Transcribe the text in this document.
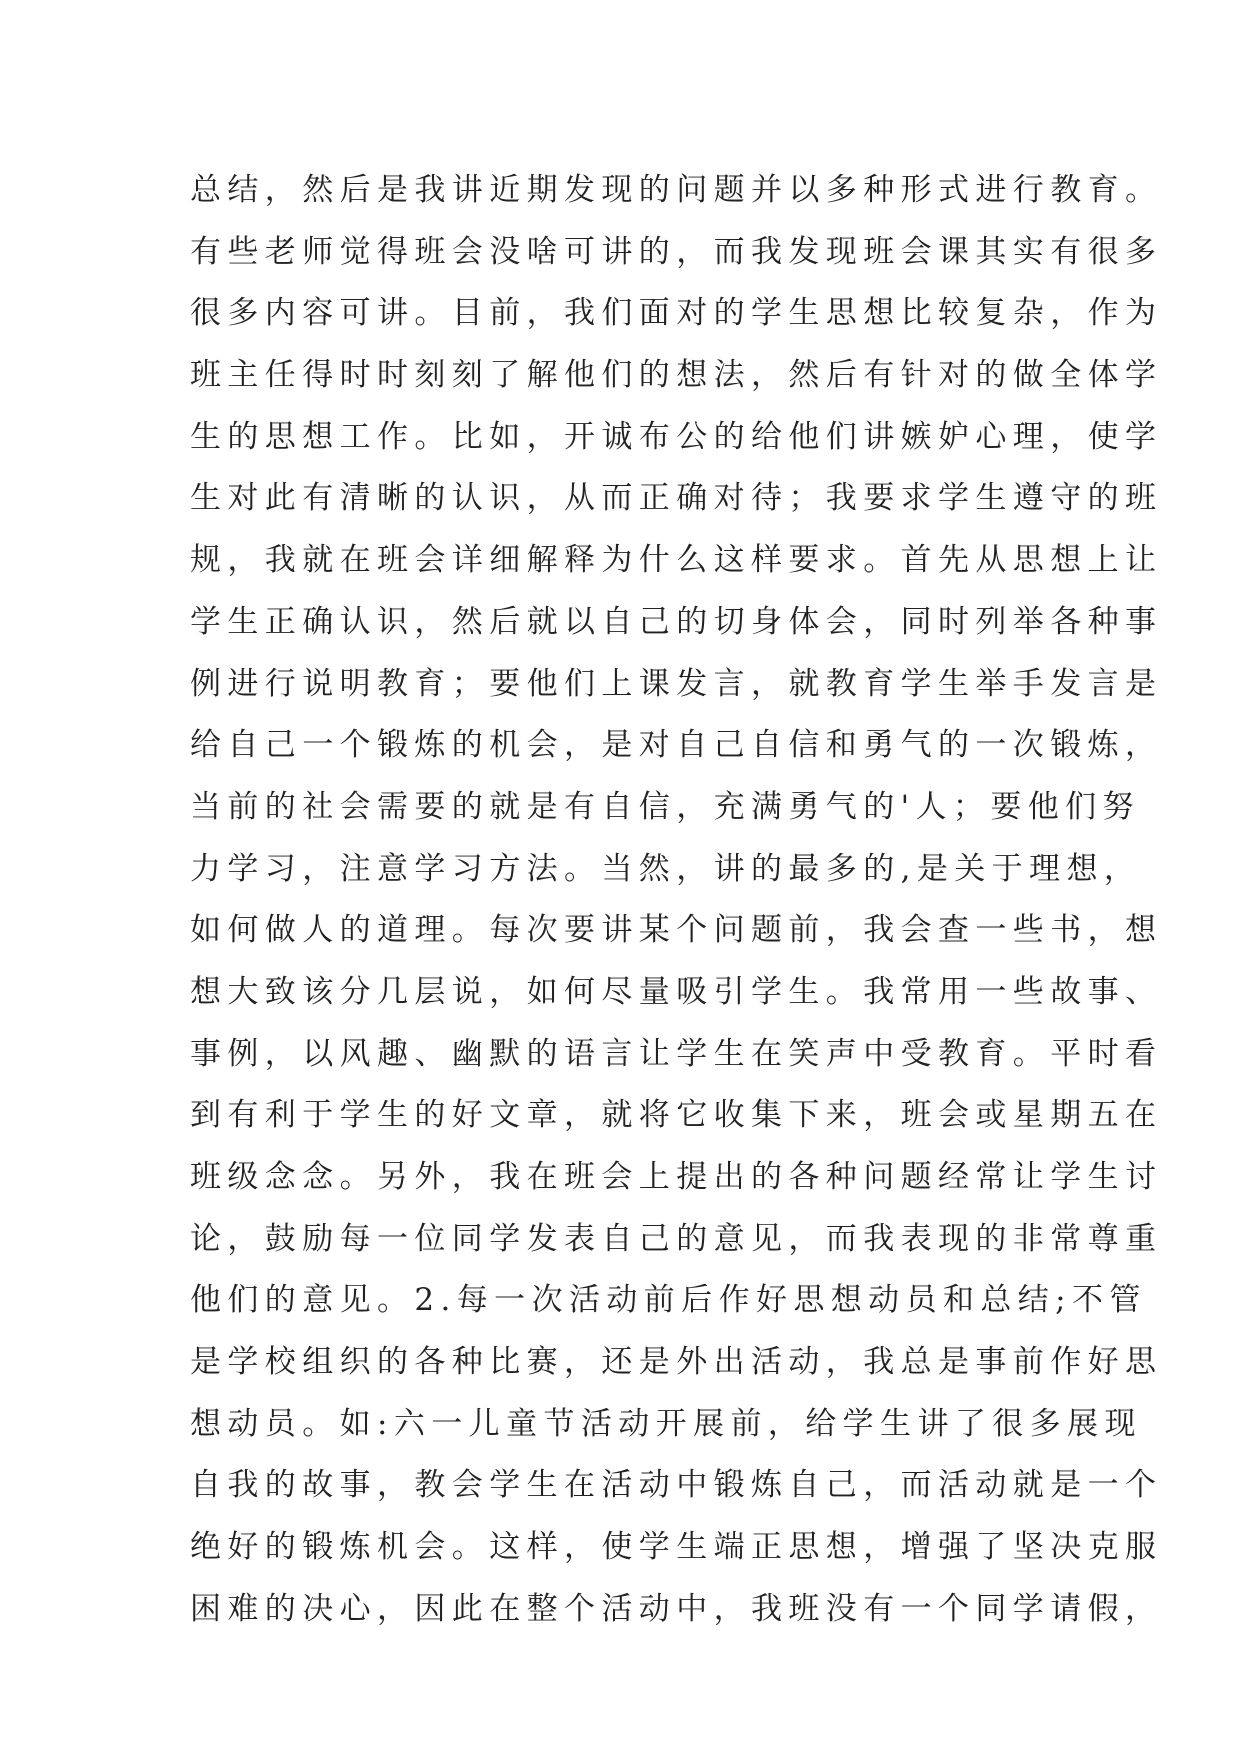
总结，然后是我讲近期发现的问题并以多种形式进行教育。
有些老师觉得班会没啥可讲的，而我发现班会课其实有很多
很多内容可讲。目前，我们面对的学生思想比较复杂，作为
班主任得时时刻刻了解他们的想法，然后有针对的做全体学
生的思想工作。比如，开诚布公的给他们讲嫉妒心理，使学
生对此有清晰的认识，从而正确对待；我要求学生遵守的班
规，我就在班会详细解释为什么这样要求。首先从思想上让
学生正确认识，然后就以自己的切身体会，同时列举各种事
例进行说明教育；要他们上课发言，就教育学生举手发言是
给自己一个锻炼的机会，是对自己自信和勇气的一次锻炼，
当前的社会需要的就是有自信，充满勇气的'人；要他们努
力学习，注意学习方法。当然，讲的最多的,是关于理想，
如何做人的道理。每次要讲某个问题前，我会查一些书，想
想大致该分几层说，如何尽量吸引学生。我常用一些故事、
事例，以风趣、幽默的语言让学生在笑声中受教育。平时看
到有利于学生的好文章，就将它收集下来，班会或星期五在
班级念念。另外，我在班会上提出的各种问题经常让学生讨
论，鼓励每一位同学发表自己的意见，而我表现的非常尊重
他们的意见。2.每一次活动前后作好思想动员和总结;不管
是学校组织的各种比赛，还是外出活动，我总是事前作好思
想动员。如:六一儿童节活动开展前，给学生讲了很多展现
自我的故事，教会学生在活动中锻炼自己，而活动就是一个
绝好的锻炼机会。这样，使学生端正思想，增强了坚决克服
困难的决心，因此在整个活动中，我班没有一个同学请假，
